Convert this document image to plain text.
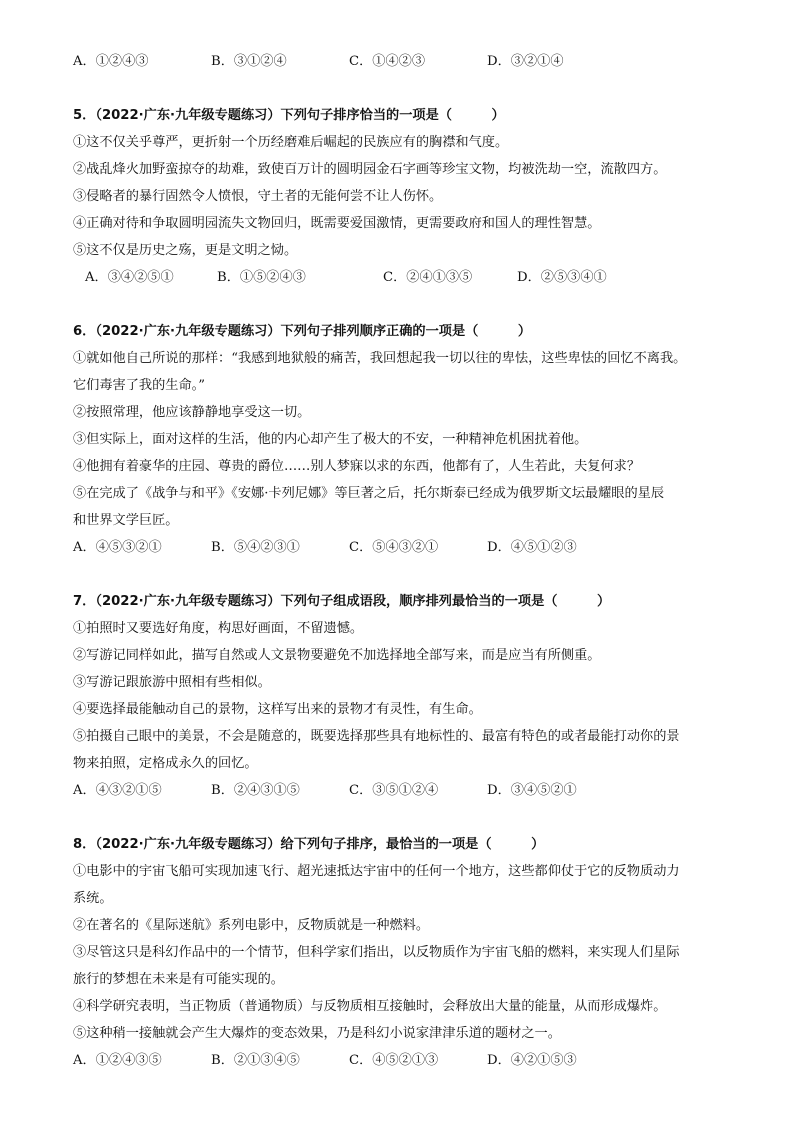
A．①②④③	B．③①②④	C．①④②③	D．③②①④
5．（2022·广东·九年级专题练习）下列句子排序恰当的一项是（　　　）
①这不仅关乎尊严，更折射一个历经磨难后崛起的民族应有的胸襟和气度。
②战乱烽火加野蛮掠夺的劫难，致使百万计的圆明园金石字画等珍宝文物，均被洗劫一空，流散四方。
③侵略者的暴行固然令人愤恨，守土者的无能何尝不让人伤怀。
④正确对待和争取圆明园流失文物回归，既需要爱国激情，更需要政府和国人的理性智慧。
⑤这不仅是历史之殇，更是文明之恸。
A．③④②⑤①	B．①⑤②④③	C．②④①③⑤	D．②⑤③④①
6．（2022·广东·九年级专题练习）下列句子排列顺序正确的一项是（　　　）
①就如他自己所说的那样：“我感到地狱般的痛苦，我回想起我一切以往的卑怯，这些卑怯的回忆不离我。
它们毒害了我的生命。”
②按照常理，他应该静静地享受这一切。
③但实际上，面对这样的生活，他的内心却产生了极大的不安，一种精神危机困扰着他。
④他拥有着豪华的庄园、尊贵的爵位……别人梦寐以求的东西，他都有了，人生若此，夫复何求？
⑤在完成了《战争与和平》《安娜·卡列尼娜》等巨著之后，托尔斯泰已经成为俄罗斯文坛最耀眼的星辰
和世界文学巨匠。
A．④⑤③②①	B．⑤④②③①	C．⑤④③②①	D．④⑤①②③
7．（2022·广东·九年级专题练习）下列句子组成语段，顺序排列最恰当的一项是（　　　）
①拍照时又要选好角度，构思好画面，不留遗憾。
②写游记同样如此，描写自然或人文景物要避免不加选择地全部写来，而是应当有所侧重。
③写游记跟旅游中照相有些相似。
④要选择最能触动自己的景物，这样写出来的景物才有灵性，有生命。
⑤拍摄自己眼中的美景，不会是随意的，既要选择那些具有地标性的、最富有特色的或者最能打动你的景
物来拍照，定格成永久的回忆。
A．④③②①⑤	B．②④③①⑤	C．③⑤①②④	D．③④⑤②①
8．（2022·广东·九年级专题练习）给下列句子排序，最恰当的一项是（　　　）
①电影中的宇宙飞船可实现加速飞行、超光速抵达宇宙中的任何一个地方，这些都仰仗于它的反物质动力
系统。
②在著名的《星际迷航》系列电影中，反物质就是一种燃料。
③尽管这只是科幻作品中的一个情节，但科学家们指出，以反物质作为宇宙飞船的燃料，来实现人们星际
旅行的梦想在未来是有可能实现的。
④科学研究表明，当正物质（普通物质）与反物质相互接触时，会释放出大量的能量，从而形成爆炸。
⑤这种稍一接触就会产生大爆炸的变态效果，乃是科幻小说家津津乐道的题材之一。
A．①②④③⑤	B．②①③④⑤	C．④⑤②①③	D．④②①⑤③
